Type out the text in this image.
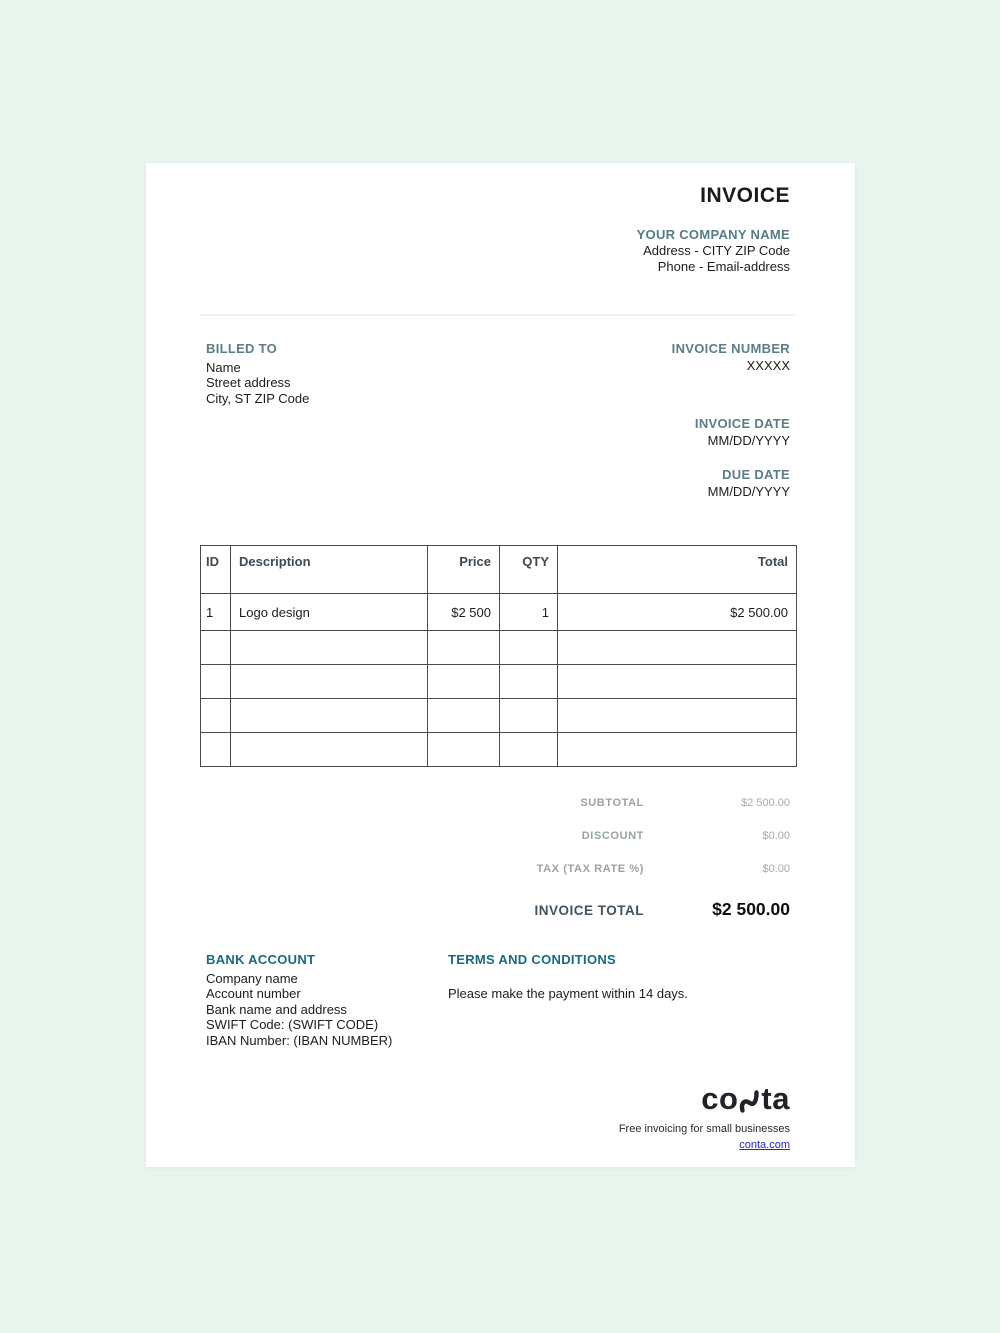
INVOICE
YOUR COMPANY NAME
Address - CITY ZIP Code
Phone - Email-address
BILLED TO
Name
Street address
City, ST ZIP Code
INVOICE NUMBER
XXXXX
INVOICE DATE
MM/DD/YYYY
DUE DATE
MM/DD/YYYY
ID	Description	Price	QTY	Total
1	Logo design	$2 500	1	$2 500.00

SUBTOTAL	$2 500.00
DISCOUNT	$0.00
TAX (TAX RATE %)	$0.00
INVOICE TOTAL	$2 500.00
BANK ACCOUNT
Company name
Account number
Bank name and address
SWIFT Code: (SWIFT CODE)
IBAN Number: (IBAN NUMBER)
TERMS AND CONDITIONS
Please make the payment within 14 days.
co ta
Free invoicing for small businesses
conta.com
